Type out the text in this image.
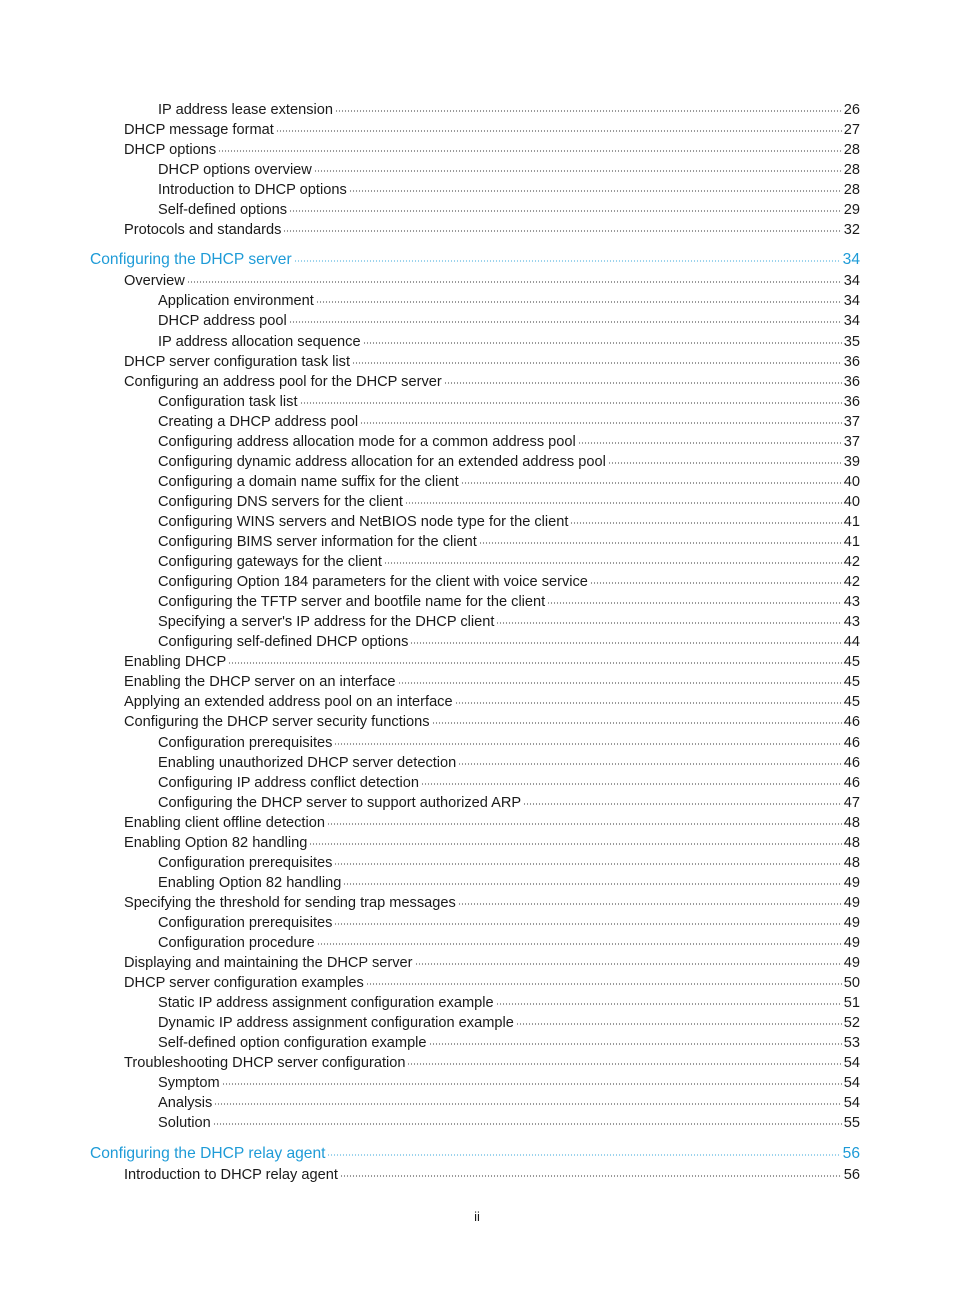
IP address lease extension	26
DHCP message format	27
DHCP options	28
DHCP options overview	28
Introduction to DHCP options	28
Self-defined options	29
Protocols and standards	32
Configuring the DHCP server	34
Overview	34
Application environment	34
DHCP address pool	34
IP address allocation sequence	35
DHCP server configuration task list	36
Configuring an address pool for the DHCP server	36
Configuration task list	36
Creating a DHCP address pool	37
Configuring address allocation mode for a common address pool	37
Configuring dynamic address allocation for an extended address pool	39
Configuring a domain name suffix for the client	40
Configuring DNS servers for the client	40
Configuring WINS servers and NetBIOS node type for the client	41
Configuring BIMS server information for the client	41
Configuring gateways for the client	42
Configuring Option 184 parameters for the client with voice service	42
Configuring the TFTP server and bootfile name for the client	43
Specifying a server's IP address for the DHCP client	43
Configuring self-defined DHCP options	44
Enabling DHCP	45
Enabling the DHCP server on an interface	45
Applying an extended address pool on an interface	45
Configuring the DHCP server security functions	46
Configuration prerequisites	46
Enabling unauthorized DHCP server detection	46
Configuring IP address conflict detection	46
Configuring the DHCP server to support authorized ARP	47
Enabling client offline detection	48
Enabling Option 82 handling	48
Configuration prerequisites	48
Enabling Option 82 handling	49
Specifying the threshold for sending trap messages	49
Configuration prerequisites	49
Configuration procedure	49
Displaying and maintaining the DHCP server	49
DHCP server configuration examples	50
Static IP address assignment configuration example	51
Dynamic IP address assignment configuration example	52
Self-defined option configuration example	53
Troubleshooting DHCP server configuration	54
Symptom	54
Analysis	54
Solution	55
Configuring the DHCP relay agent	56
Introduction to DHCP relay agent	56
ii
